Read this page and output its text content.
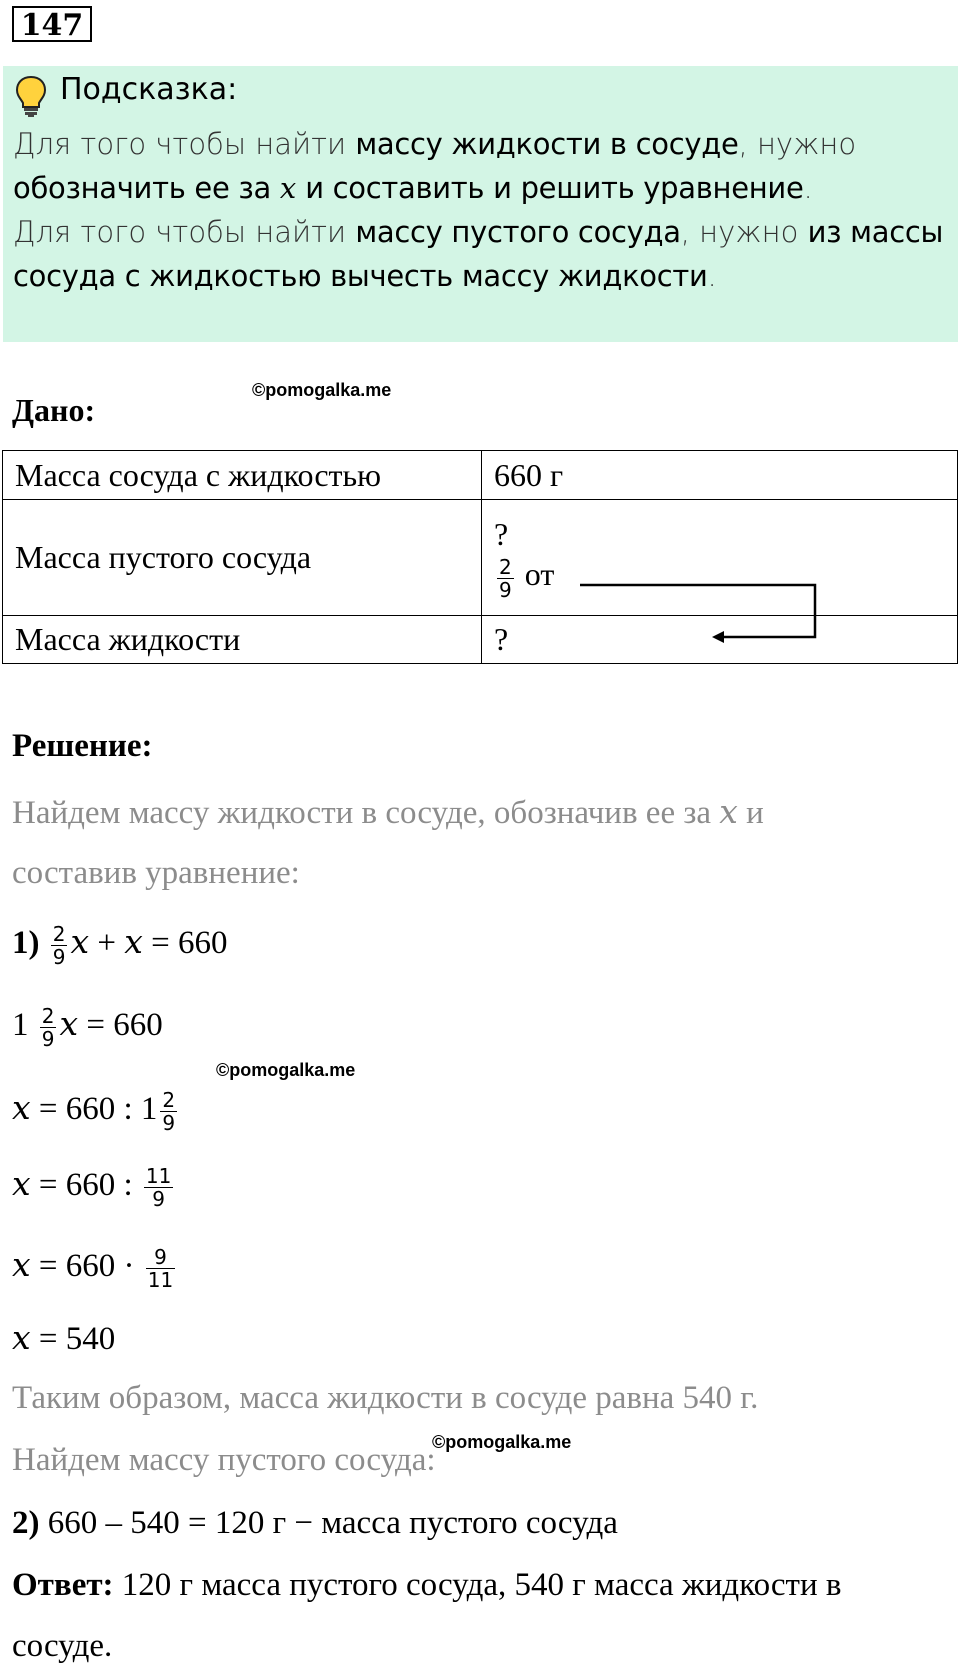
147
Подсказка:
Для того чтобы найти массу жидкости в сосуде, нужно
обозначить ее за x и составить и решить уравнение.
Для того чтобы найти массу пустого сосуда, нужно из массы
сосуда с жидкостью вычесть массу жидкости.
Дано:
©pomogalka.me
Масса сосуда с жидкостью	660 г
Масса пустого сосуда	?
$\frac{2}{9}$ от

Масса жидкости	?
Решение:
Найдем массу жидкости в сосуде, обозначив ее за x и
составив уравнение:
$1) \frac{2}{9}$ x + x = 660
$1 \frac{2}{9}$ x = 660
©pomogalka.me
x = 660 : $1 \frac{2}{9}$
x = 660 : $\frac{11}{9}$
$x = 660 \cdot \frac{9}{11}$
x = 540
Таким образом, масса жидкости в сосуде равна 540 г.
Найдем массу пустого сосуда:
©pomogalka.me
2) 660 – 540 = 120 г − масса пустого сосуда
Ответ: 120 г масса пустого сосуда, 540 г масса жидкости в
сосуде.
